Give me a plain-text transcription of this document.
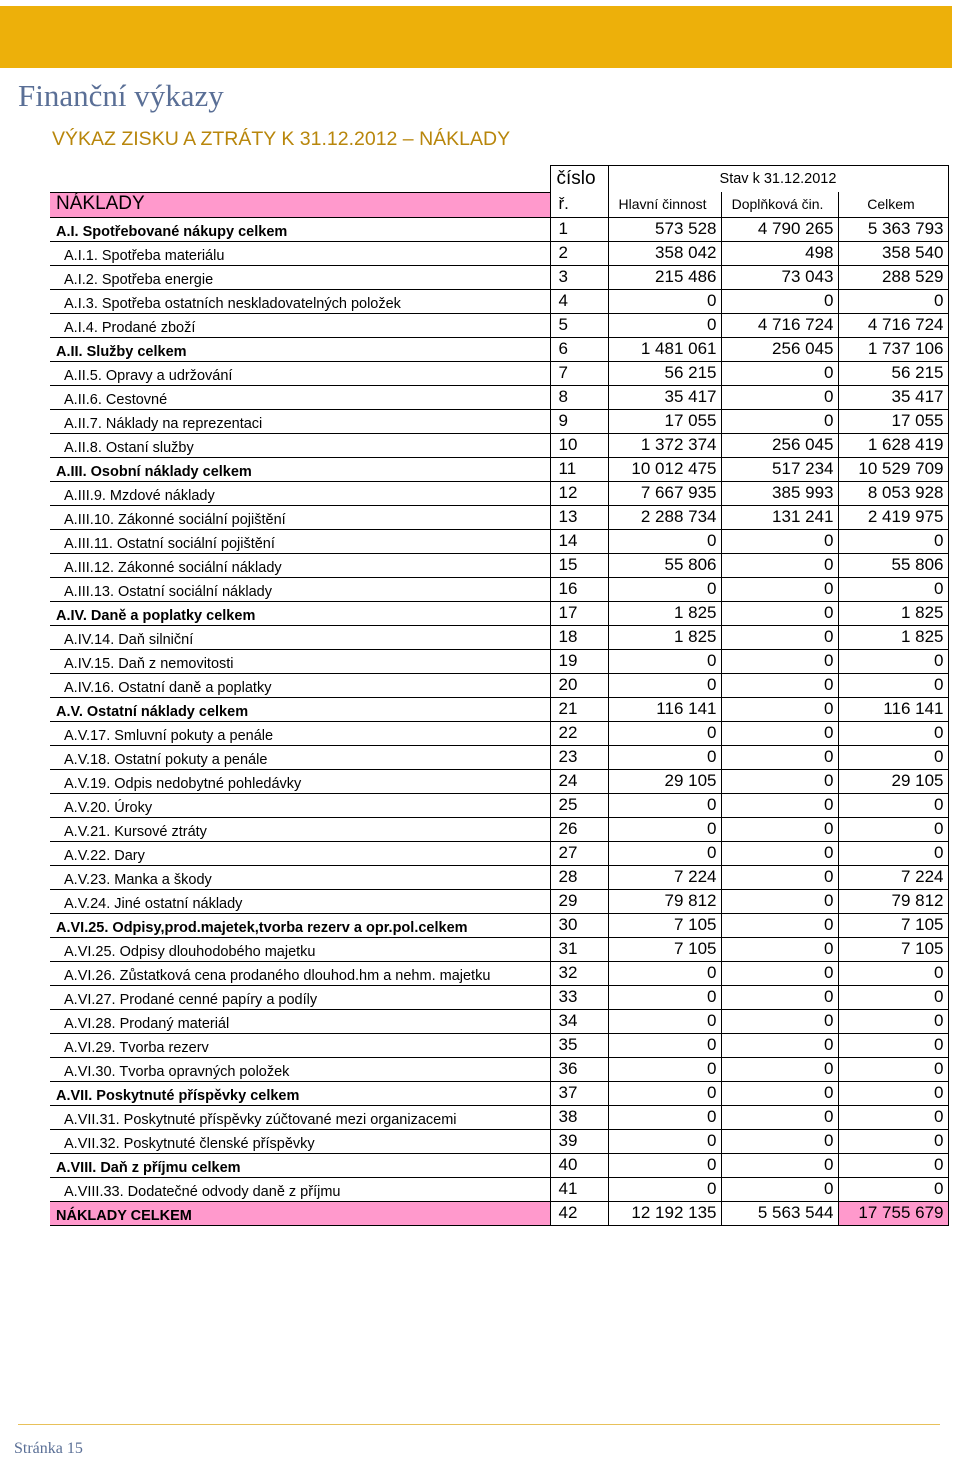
Finanční výkazy
VÝKAZ ZISKU A ZTRÁTY K 31.12.2012 – NÁKLADY
	číslo	Stav k 31.12.2012		
NÁKLADY	ř.	Hlavní činnost	Doplňková čin.	Celkem
A.I. Spotřebované nákupy celkem	1	573 528	4 790 265	5 363 793
A.I.1. Spotřeba materiálu	2	358 042	498	358 540
A.I.2. Spotřeba energie	3	215 486	73 043	288 529
A.I.3. Spotřeba ostatních neskladovatelných položek	4	0	0	0
A.I.4. Prodané zboží	5	0	4 716 724	4 716 724
A.II. Služby celkem	6	1 481 061	256 045	1 737 106
A.II.5. Opravy a udržování	7	56 215	0	56 215
A.II.6. Cestovné	8	35 417	0	35 417
A.II.7. Náklady na reprezentaci	9	17 055	0	17 055
A.II.8. Ostaní služby	10	1 372 374	256 045	1 628 419
A.III. Osobní náklady celkem	11	10 012 475	517 234	10 529 709
A.III.9. Mzdové náklady	12	7 667 935	385 993	8 053 928
A.III.10. Zákonné sociální pojištění	13	2 288 734	131 241	2 419 975
A.III.11. Ostatní sociální pojištění	14	0	0	0
A.III.12. Zákonné sociální náklady	15	55 806	0	55 806
A.III.13. Ostatní sociální náklady	16	0	0	0
A.IV. Daně a poplatky celkem	17	1 825	0	1 825
A.IV.14. Daň silniční	18	1 825	0	1 825
A.IV.15. Daň z nemovitosti	19	0	0	0
A.IV.16. Ostatní daně a poplatky	20	0	0	0
A.V. Ostatní náklady celkem	21	116 141	0	116 141
A.V.17. Smluvní pokuty a penále	22	0	0	0
A.V.18. Ostatní pokuty a penále	23	0	0	0
A.V.19. Odpis nedobytné pohledávky	24	29 105	0	29 105
A.V.20. Úroky	25	0	0	0
A.V.21. Kursové ztráty	26	0	0	0
A.V.22. Dary	27	0	0	0
A.V.23. Manka a škody	28	7 224	0	7 224
A.V.24. Jiné ostatní náklady	29	79 812	0	79 812
A.VI.25. Odpisy,prod.majetek,tvorba rezerv a opr.pol.celkem	30	7 105	0	7 105
A.VI.25. Odpisy dlouhodobého majetku	31	7 105	0	7 105
A.VI.26. Zůstatková cena prodaného dlouhod.hm a nehm. majetku	32	0	0	0
A.VI.27. Prodané cenné papíry a podíly	33	0	0	0
A.VI.28. Prodaný materiál	34	0	0	0
A.VI.29. Tvorba rezerv	35	0	0	0
A.VI.30. Tvorba opravných položek	36	0	0	0
A.VII. Poskytnuté příspěvky celkem	37	0	0	0
A.VII.31. Poskytnuté příspěvky zúčtované mezi organizacemi	38	0	0	0
A.VII.32. Poskytnuté členské příspěvky	39	0	0	0
A.VIII. Daň z příjmu celkem	40	0	0	0
A.VIII.33. Dodatečné odvody daně z příjmu	41	0	0	0
NÁKLADY CELKEM	42	12 192 135	5 563 544	17 755 679
Stránka 15
